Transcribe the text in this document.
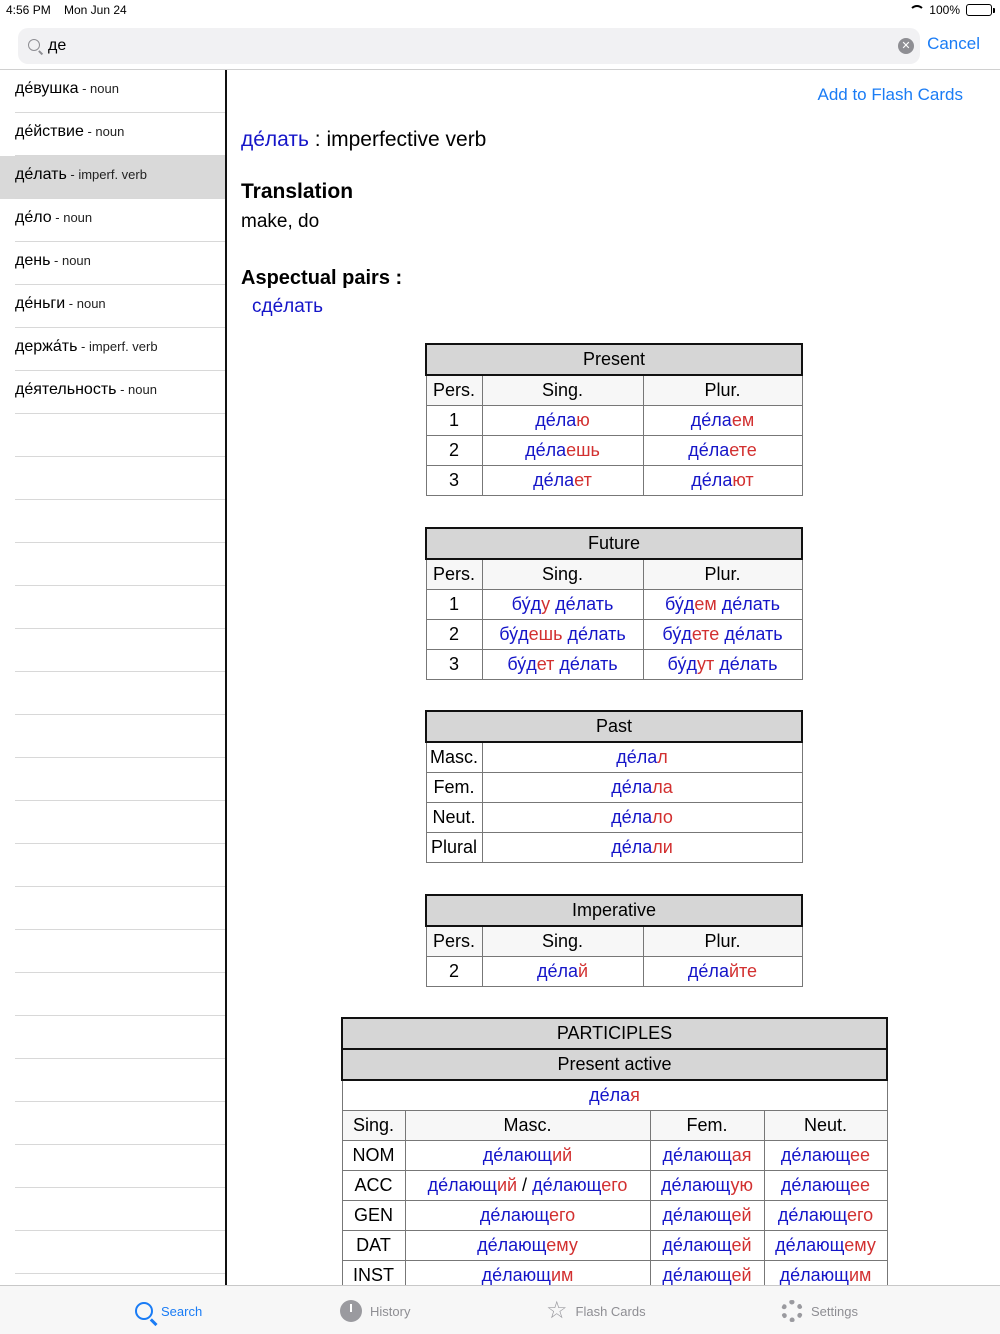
4:56 PM Mon Jun 24	100%
де
✕ Cancel
де́вушка - noun
де́йствие - noun
де́лать - imperf. verb
де́ло - noun
день - noun
де́ньги - noun
держа́ть - imperf. verb
де́ятельность - noun
Add to Flash Cards
де́лать : imperfective verb
Translation
make, do
Aspectual pairs :
сде́лать
Present		
Pers.	Sing.	Plur.
1	де́лаю	де́лаем
2	де́лаешь	де́лаете
3	де́лает	де́лают
Future		
Pers.	Sing.	Plur.
1	бу́ду де́лать	бу́дем де́лать
2	бу́дешь де́лать	бу́дете де́лать
3	бу́дет де́лать	бу́дут де́лать
Past	
Masc.	де́лал
Fem.	де́лала
Neut.	де́лало
Plural	де́лали
Imperative		
Pers.	Sing.	Plur.
2	де́лай	де́лайте
PARTICIPLES			
Present active			
де́лая			
Sing.	Masc.	Fem.	Neut.
NOM	де́лающий	де́лающая	де́лающее
ACC	де́лающий / де́лающего	де́лающую	де́лающее
GEN	де́лающего	де́лающей	де́лающего
DAT	де́лающему	де́лающей	де́лающему
INST	де́лающим	де́лающей	де́лающим
Search	History	☆ Flash Cards	Settings
